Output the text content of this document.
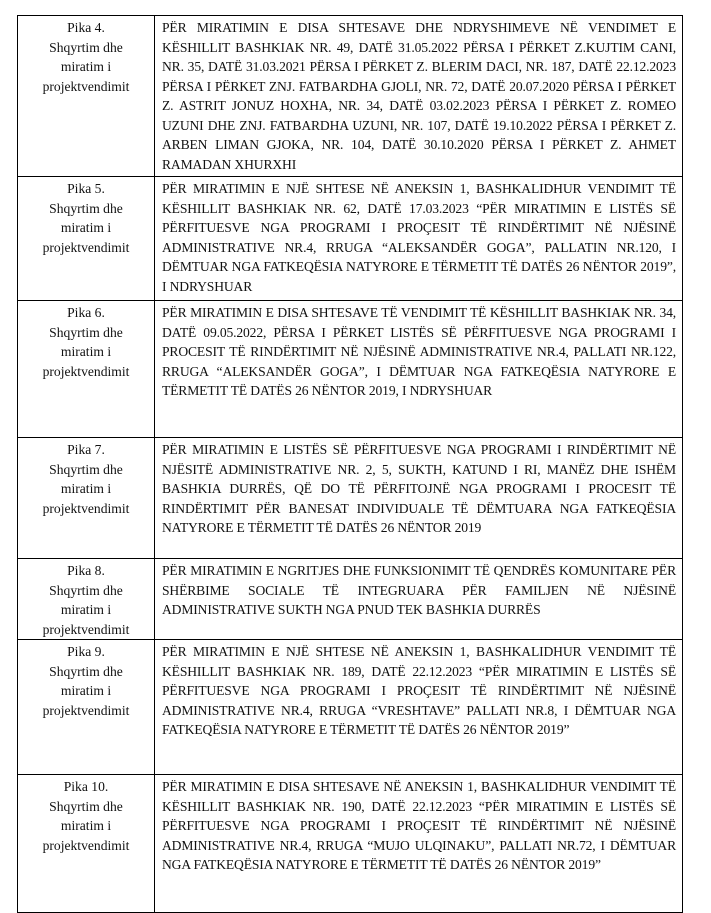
Pika 4.
Shqyrtim dhe
miratim i
projektvendimit
	PËR MIRATIMIN E DISA SHTESAVE DHE NDRYSHIMEVE NË VENDIMET E KËSHILLIT BASHKIAK NR. 49, DATË 31.05.2022 PËRSA I PËRKET Z.KUJTIM CANI, NR. 35, DATË 31.03.2021 PËRSA I PËRKET Z. BLERIM DACI, NR. 187, DATË 22.12.2023 PËRSA I PËRKET ZNJ. FATBARDHA GJOLI, NR. 72, DATË 20.07.2020 PËRSA I PËRKET Z. ASTRIT JONUZ HOXHA, NR. 34, DATË 03.02.2023 PËRSA I PËRKET Z. ROMEO UZUNI DHE ZNJ. FATBARDHA UZUNI, NR. 107, DATË 19.10.2022 PËRSA I PËRKET Z. ARBEN LIMAN GJOKA, NR. 104, DATË 30.10.2020 PËRSA I PËRKET Z. AHMET RAMADAN XHURXHI

Pika 5.
Shqyrtim dhe
miratim i
projektvendimit
	PËR MIRATIMIN E NJË SHTESE NË ANEKSIN 1, BASHKALIDHUR VENDIMIT TË KËSHILLIT BASHKIAK NR. 62, DATË 17.03.2023 “PËR MIRATIMIN E LISTËS SË PËRFITUESVE NGA PROGRAMI I PROÇESIT TË RINDËRTIMIT NË NJËSINË ADMINISTRATIVE NR.4, RRUGA “ALEKSANDËR GOGA”, PALLATIN NR.120, I DËMTUAR NGA FATKEQËSIA NATYRORE E TËRMETIT TË DATËS 26 NËNTOR 2019”, I NDRYSHUAR

Pika 6.
Shqyrtim dhe
miratim i
projektvendimit
	PËR MIRATIMIN E DISA SHTESAVE TË VENDIMIT TË KËSHILLIT BASHKIAK NR. 34, DATË 09.05.2022, PËRSA I PËRKET LISTËS SË PËRFITUESVE NGA PROGRAMI I PROCESIT TË RINDËRTIMIT NË NJËSINË ADMINISTRATIVE NR.4, PALLATI NR.122, RRUGA “ALEKSANDËR GOGA”, I DËMTUAR NGA FATKEQËSIA NATYRORE E TËRMETIT TË DATËS 26 NËNTOR 2019, I NDRYSHUAR

Pika 7.
Shqyrtim dhe
miratim i
projektvendimit
	PËR MIRATIMIN E LISTËS SË PËRFITUESVE NGA PROGRAMI I RINDËRTIMIT NË NJËSITË ADMINISTRATIVE NR. 2, 5, SUKTH, KATUND I RI, MANËZ DHE ISHËM BASHKIA DURRËS, QË DO TË PËRFITOJNË NGA PROGRAMI I PROCESIT TË RINDËRTIMIT PËR BANESAT INDIVIDUALE TË DËMTUARA NGA FATKEQËSIA NATYRORE E TËRMETIT TË DATËS 26 NËNTOR 2019

Pika 8.
Shqyrtim dhe
miratim i
projektvendimit	PËR MIRATIMIN E NGRITJES DHE FUNKSIONIMIT TË QENDRËS KOMUNITARE PËR SHËRBIME SOCIALE TË INTEGRUARA PËR FAMILJEN NË NJËSINË ADMINISTRATIVE SUKTH NGA PNUD TEK BASHKIA DURRËS

Pika 9.
Shqyrtim dhe
miratim i
projektvendimit
	PËR MIRATIMIN E NJË SHTESE NË ANEKSIN 1, BASHKALIDHUR VENDIMIT TË KËSHILLIT BASHKIAK NR. 189, DATË 22.12.2023 “PËR MIRATIMIN E LISTËS SË PËRFITUESVE NGA PROGRAMI I PROÇESIT TË RINDËRTIMIT NË NJËSINË ADMINISTRATIVE NR.4, RRUGA “VRESHTAVE” PALLATI NR.8, I DËMTUAR NGA FATKEQËSIA NATYRORE E TËRMETIT TË DATËS 26 NËNTOR 2019”

Pika 10.
Shqyrtim dhe
miratim i
projektvendimit
	PËR MIRATIMIN E DISA SHTESAVE NË ANEKSIN 1, BASHKALIDHUR VENDIMIT TË KËSHILLIT BASHKIAK NR. 190, DATË 22.12.2023 “PËR MIRATIMIN E LISTËS SË PËRFITUESVE NGA PROGRAMI I PROÇESIT TË RINDËRTIMIT NË NJËSINË ADMINISTRATIVE NR.4, RRUGA “MUJO ULQINAKU”, PALLATI NR.72, I DËMTUAR NGA FATKEQËSIA NATYRORE E TËRMETIT TË DATËS 26 NËNTOR 2019”
